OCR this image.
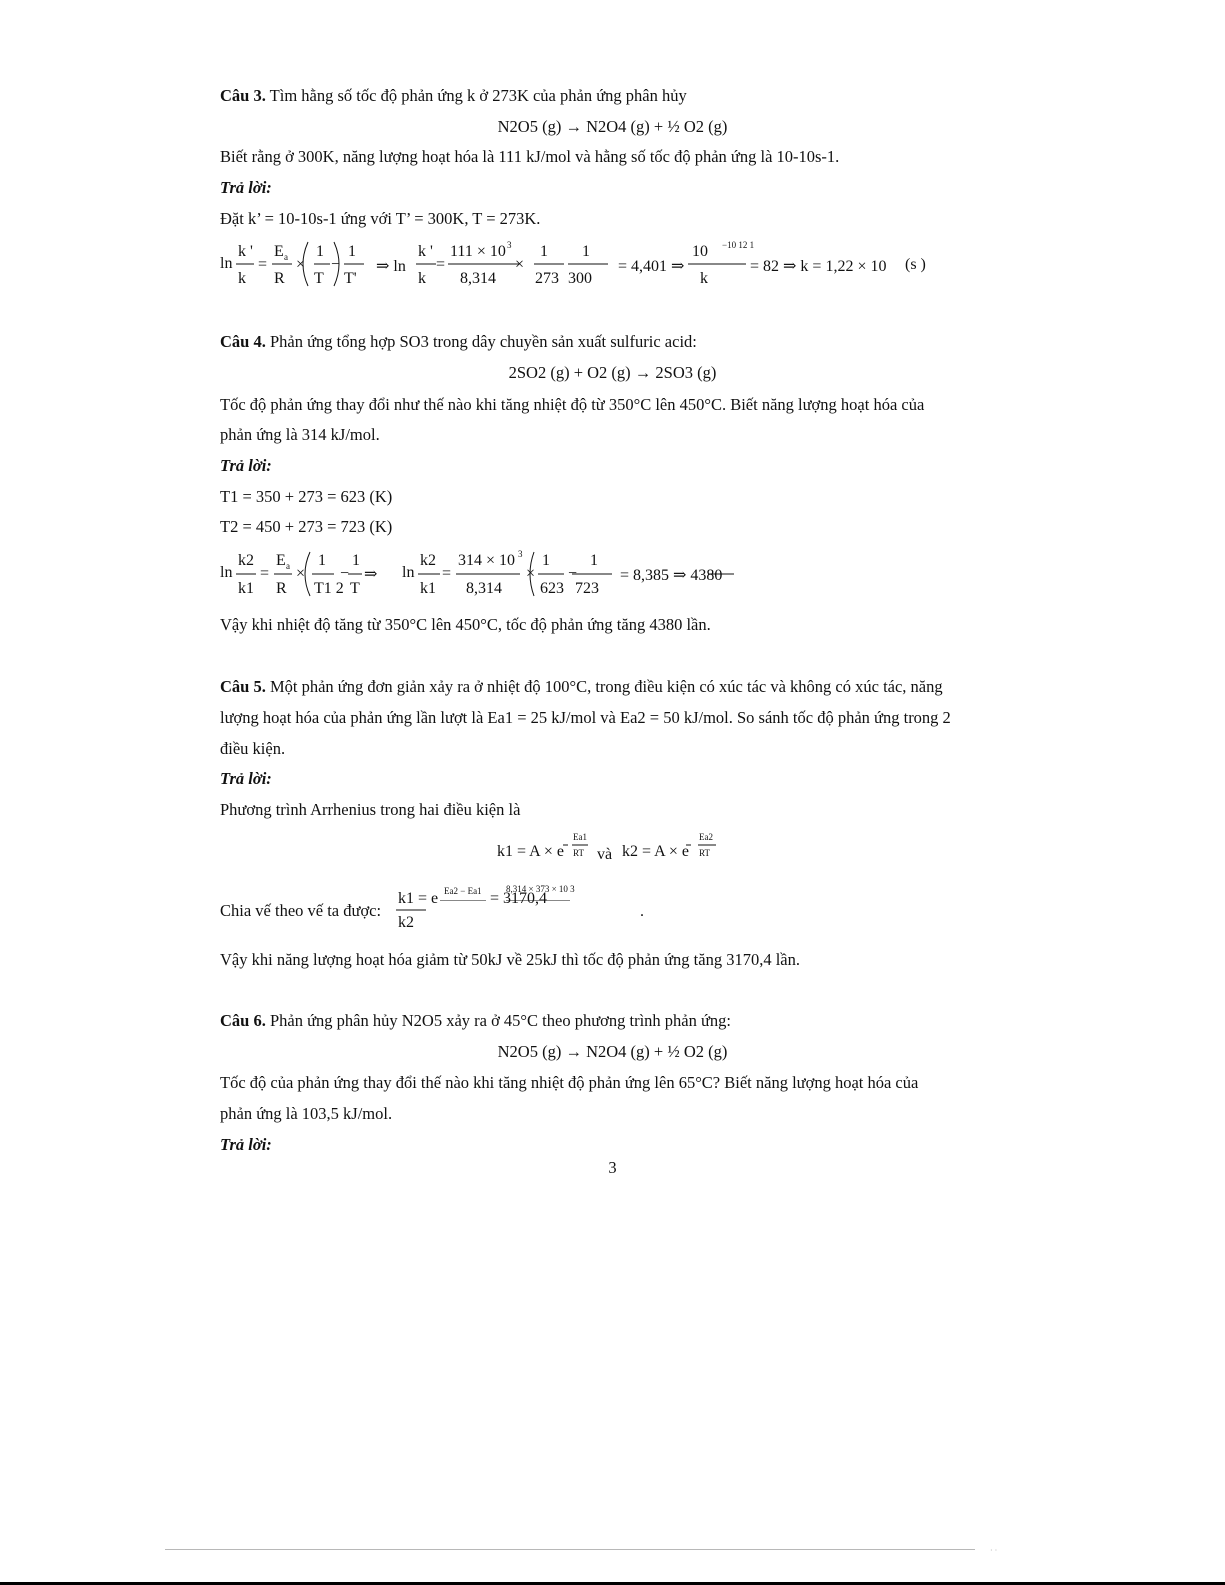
Câu 3. Tìm hằng số tốc độ phản ứng k ở 273K của phản ứng phân hủy
N2O5 (g) → N2O4 (g) + ½ O2 (g)
Biết rằng ở 300K, năng lượng hoạt hóa là 111 kJ/mol và hằng số tốc độ phản ứng là 10-10s-1.
Trả lời:
Đặt k’ = 10-10s-1 ứng với T’ = 300K, T = 273K.
ln
k '
k
=
E a
R
×
1
T
−
1
T'
⇒ ln
k '
k
=
111 × 10 3
8,314
×
1
273
1
300
= 4,401 ⇒
10 −10 12 1
k
= 82 ⇒ k = 1,22 × 10 (s )
Câu 4. Phản ứng tổng hợp SO3 trong dây chuyền sản xuất sulfuric acid:
2SO2 (g) + O2 (g) → 2SO3 (g)
Tốc độ phản ứng thay đổi như thế nào khi tăng nhiệt độ từ 350°C lên 450°C. Biết năng lượng hoạt hóa của
phản ứng là 314 kJ/mol.
Trả lời:
T1 = 350 + 273 = 623 (K)
T2 = 450 + 273 = 723 (K)
ln
k2
k1
=
E a
R
×
1
T1 2
−
1
T
⇒ ln
k2
k1
=
314 × 10 3
8,314
×
1
623
−
1
723
= 8,385 ⇒ 4380
Vậy khi nhiệt độ tăng từ 350°C lên 450°C, tốc độ phản ứng tăng 4380 lần.
Câu 5. Một phản ứng đơn giản xảy ra ở nhiệt độ 100°C, trong điều kiện có xúc tác và không có xúc tác, năng
lượng hoạt hóa của phản ứng lần lượt là Ea1 = 25 kJ/mol và Ea2 = 50 kJ/mol. So sánh tốc độ phản ứng trong 2
điều kiện.
Trả lời:
Phương trình Arrhenius trong hai điều kiện là
k1 = A × e
Ea1
RT và k2 = A × e
Ea2
RT
Chia vế theo vế ta được:
k1 = e
k2
Ea2 − Ea1 = 3170,4
8,314 × 373 × 10 3
.
Vậy khi năng lượng hoạt hóa giảm từ 50kJ về 25kJ thì tốc độ phản ứng tăng 3170,4 lần.
Câu 6. Phản ứng phân hủy N2O5 xảy ra ở 45°C theo phương trình phản ứng:
N2O5 (g) → N2O4 (g) + ½ O2 (g)
Tốc độ của phản ứng thay đổi thế nào khi tăng nhiệt độ phản ứng lên 65°C? Biết năng lượng hoạt hóa của
phản ứng là 103,5 kJ/mol.
Trả lời:
3
· ·
